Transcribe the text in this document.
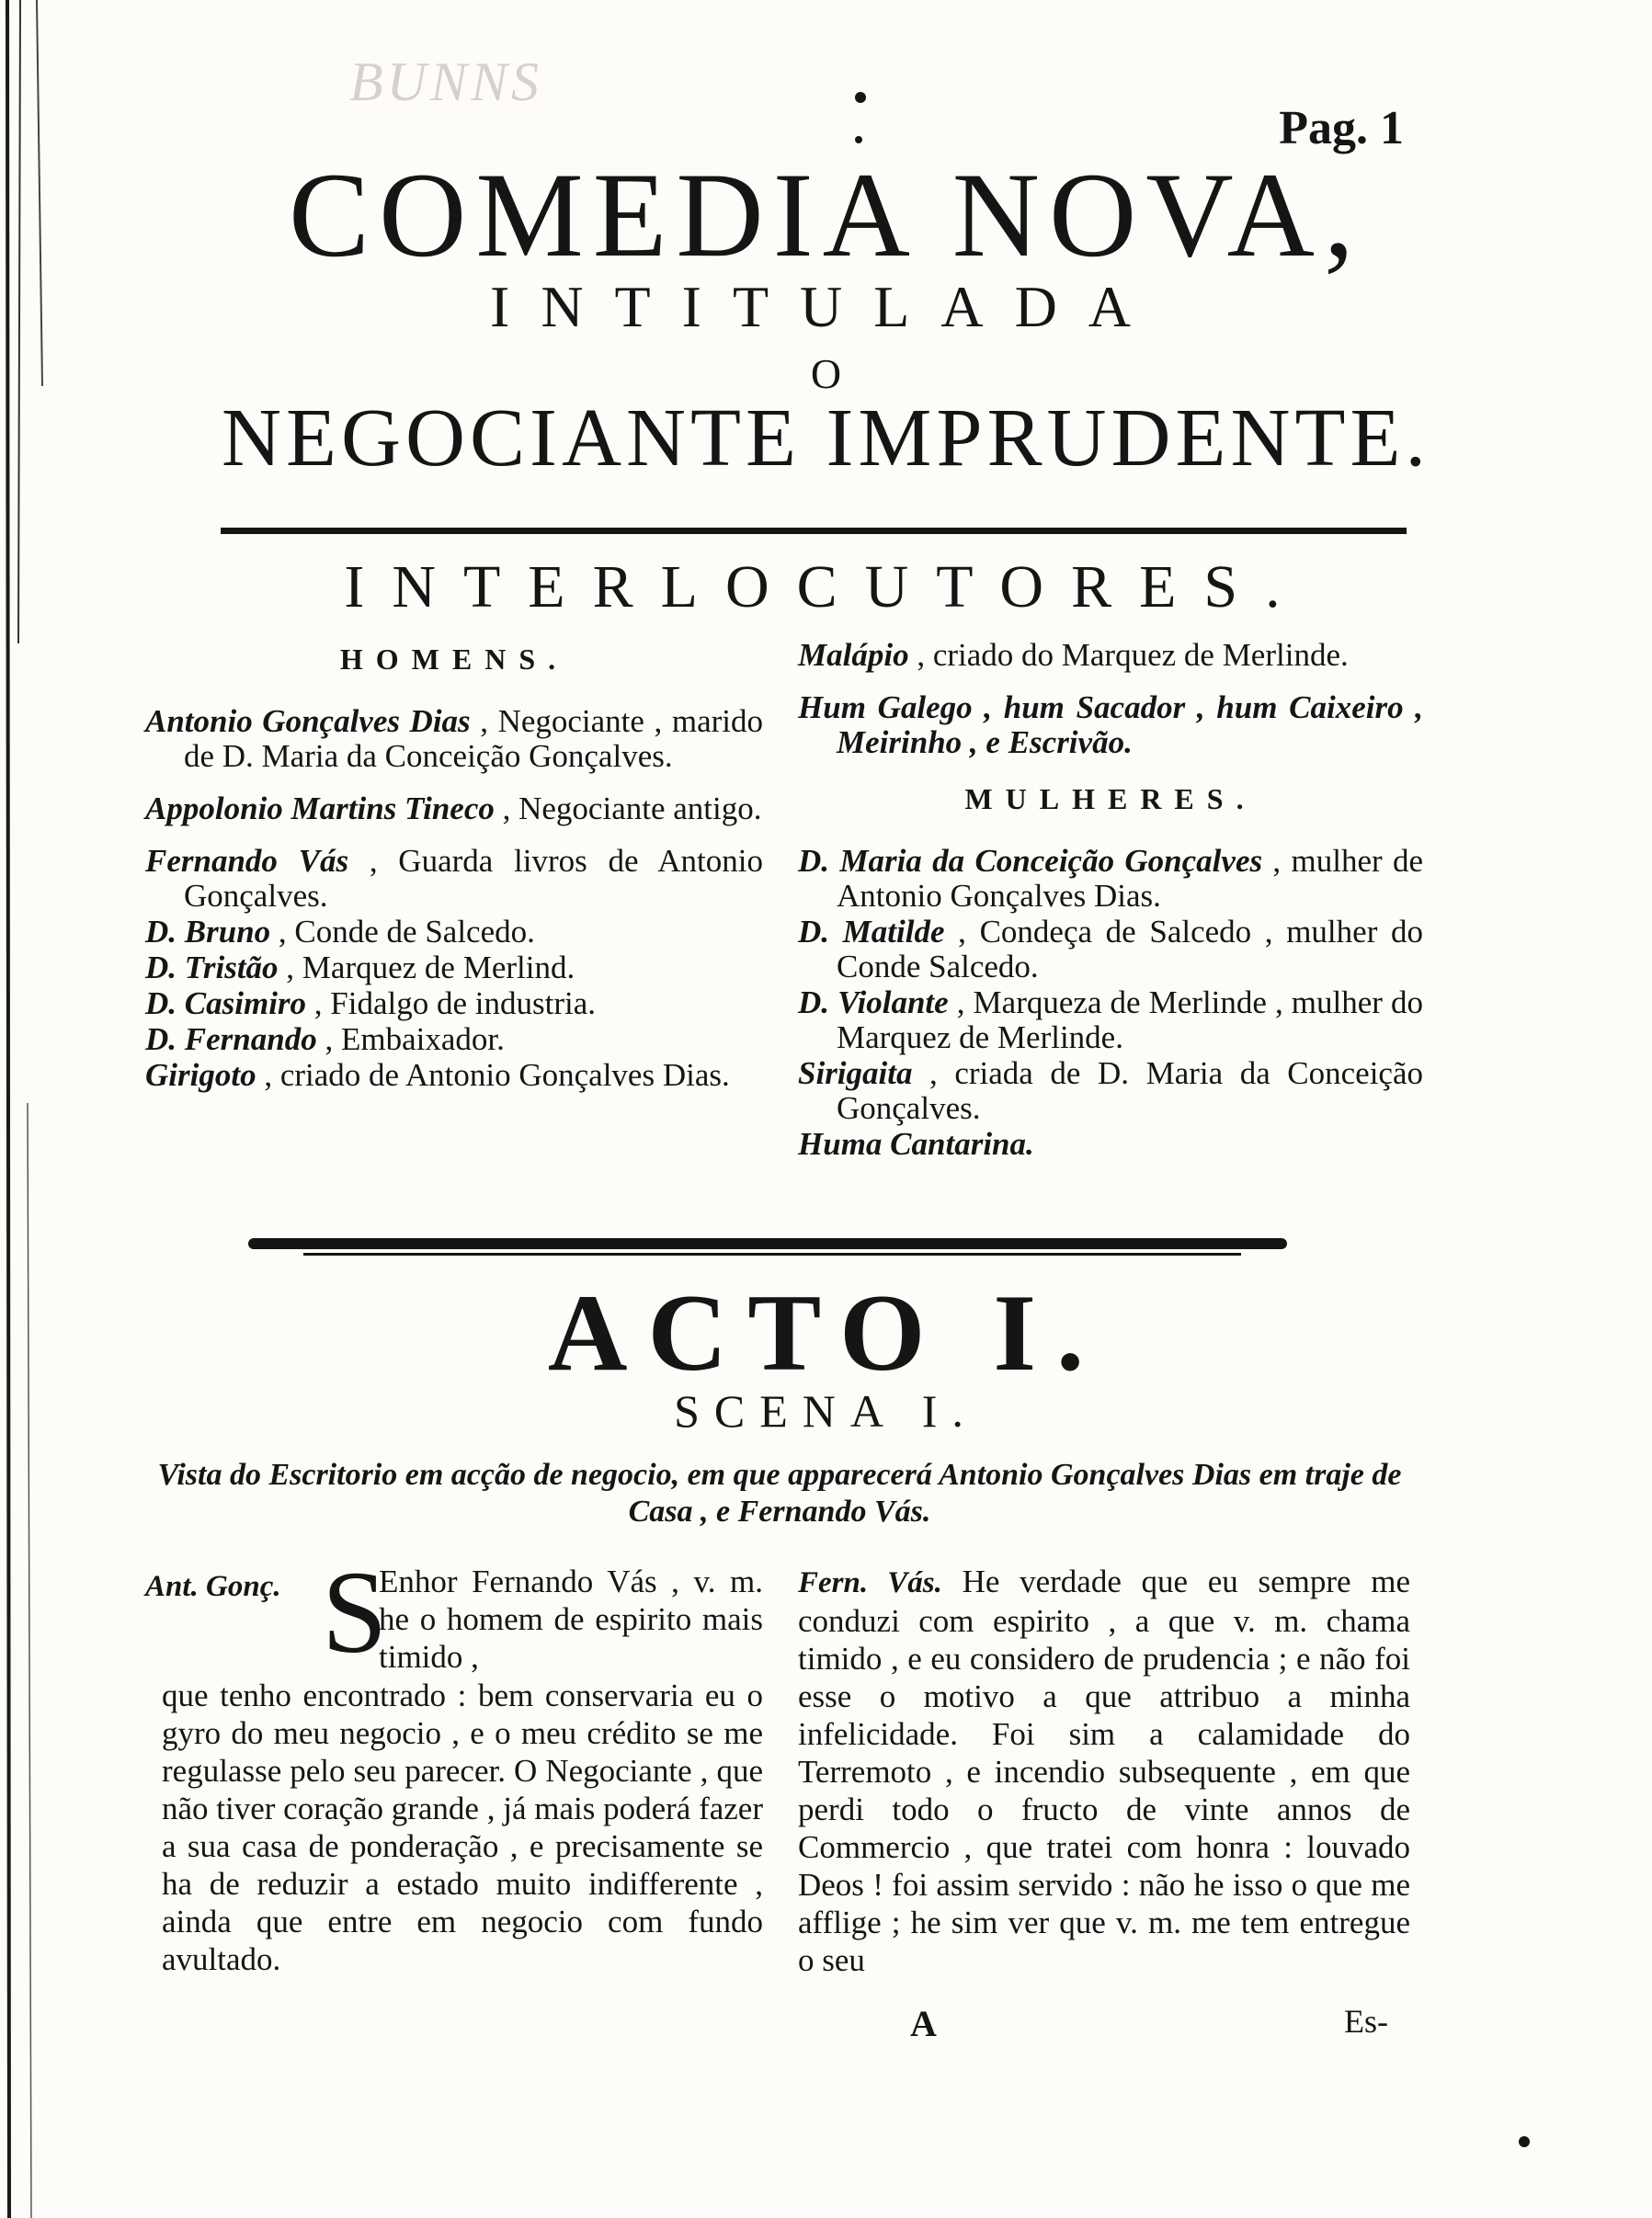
BUNNS
Pag. 1
COMEDIA NOVA,
INTITULADA
O
NEGOCIANTE IMPRUDENTE.
INTERLOCUTORES.
HOMENS.
Antonio Gonçalves Dias , Negociante , marido de D. Maria da Conceição Gonçalves.
Appolonio Martins Tineco , Negociante antigo.
Fernando Vás , Guarda livros de Antonio Gonçalves.
D. Bruno , Conde de Salcedo.
D. Tristão , Marquez de Merlind.
D. Casimiro , Fidalgo de industria.
D. Fernando , Embaixador.
Girigoto , criado de Antonio Gonçalves Dias.
Malápio , criado do Marquez de Merlinde.
Hum Galego , hum Sacador , hum Caixeiro , Meirinho , e Escrivão.
MULHERES.
D. Maria da Conceição Gonçalves , mulher de Antonio Gonçalves Dias.
D. Matilde , Condeça de Salcedo , mulher do Conde Salcedo.
D. Violante , Marqueza de Merlinde , mulher do Marquez de Merlinde.
Sirigaita , criada de D. Maria da Conceição Gonçalves.
Huma Cantarina.
ACTO I.
SCENA I.
Vista do Escritorio em acção de negocio, em que apparecerá Antonio Gonçalves Dias em traje de Casa , e Fernando Vás.
Ant. Gonç. S
Enhor Fernando Vás , v. m. he o homem de espirito mais timido ,
que tenho encontrado : bem conservaria eu o gyro do meu negocio , e o meu crédito se me regulasse pelo seu parecer. O Negociante , que não tiver coração grande , já mais poderá fazer a sua casa de ponderação , e precisamente se ha de reduzir a estado muito indifferente , ainda que entre em negocio com fundo avultado.
Fern. Vás. He verdade que eu sempre me conduzi com espirito , a que v. m. chama timido , e eu considero de prudencia ; e não foi esse o motivo a que attribuo a minha infelicidade. Foi sim a calamidade do Terremoto , e incendio subsequente , em que perdi todo o fructo de vinte annos de Commercio , que tratei com honra : louvado Deos ! foi assim servido : não he isso o que me afflige ; he sim ver que v. m. me tem entregue o seu
A	Es-
